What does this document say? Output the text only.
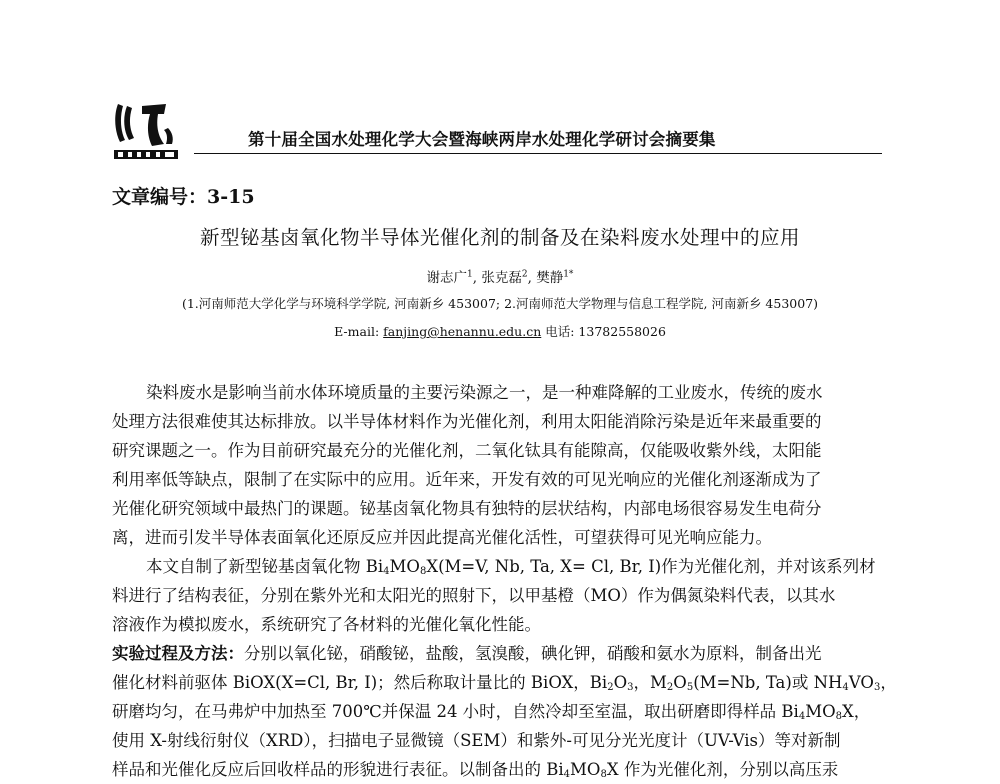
第十届全国水处理化学大会暨海峡两岸水处理化学研讨会摘要集
文章编号：3-15
新型铋基卤氧化物半导体光催化剂的制备及在染料废水处理中的应用
谢志广$^1$, 张克磊$^2$, 樊静$^{1*}$
(1.河南师范大学化学与环境科学学院, 河南新乡 453007; 2.河南师范大学物理与信息工程学院, 河南新乡 453007)
E-mail: fanjing@henannu.edu.cn 电话: 13782558026
染料废水是影响当前水体环境质量的主要污染源之一，是一种难降解的工业废水，传统的废水
处理方法很难使其达标排放。以半导体材料作为光催化剂，利用太阳能消除污染是近年来最重要的
研究课题之一。作为目前研究最充分的光催化剂，二氧化钛具有能隙高，仅能吸收紫外线，太阳能
利用率低等缺点，限制了在实际中的应用。近年来，开发有效的可见光响应的光催化剂逐渐成为了
光催化研究领域中最热门的课题。铋基卤氧化物具有独特的层状结构，内部电场很容易发生电荷分
离，进而引发半导体表面氧化还原反应并因此提高光催化活性，可望获得可见光响应能力。
本文自制了新型铋基卤氧化物 $Bi_4MO_8X(M=V$, Nb, Ta, X= Cl, Br, I)作为光催化剂，并对该系列材
料进行了结构表征，分别在紫外光和太阳光的照射下，以甲基橙（MO）作为偶氮染料代表，以其水
溶液作为模拟废水，系统研究了各材料的光催化氧化性能。
实验过程及方法：分别以氧化铋，硝酸铋，盐酸，氢溴酸，碘化钾，硝酸和氨水为原料，制备出光
催化材料前驱体 BiOX(X=Cl, Br, I)；然后称取计量比的 BiOX，$Bi_2O_3$，$M_2O_5(M=Nb$, Ta)或 $NH_4VO_3$，
研磨均匀，在马弗炉中加热至 700℃并保温 24 小时，自然冷却至室温，取出研磨即得样品 $Bi_4MO_8X$，
使用 X-射线衍射仪（XRD），扫描电子显微镜（SEM）和紫外-可见分光光度计（UV-Vis）等对新制
样品和光催化反应后回收样品的形貌进行表征。以制备出的 $Bi_4MO_8X$ 作为光催化剂，分别以高压汞
